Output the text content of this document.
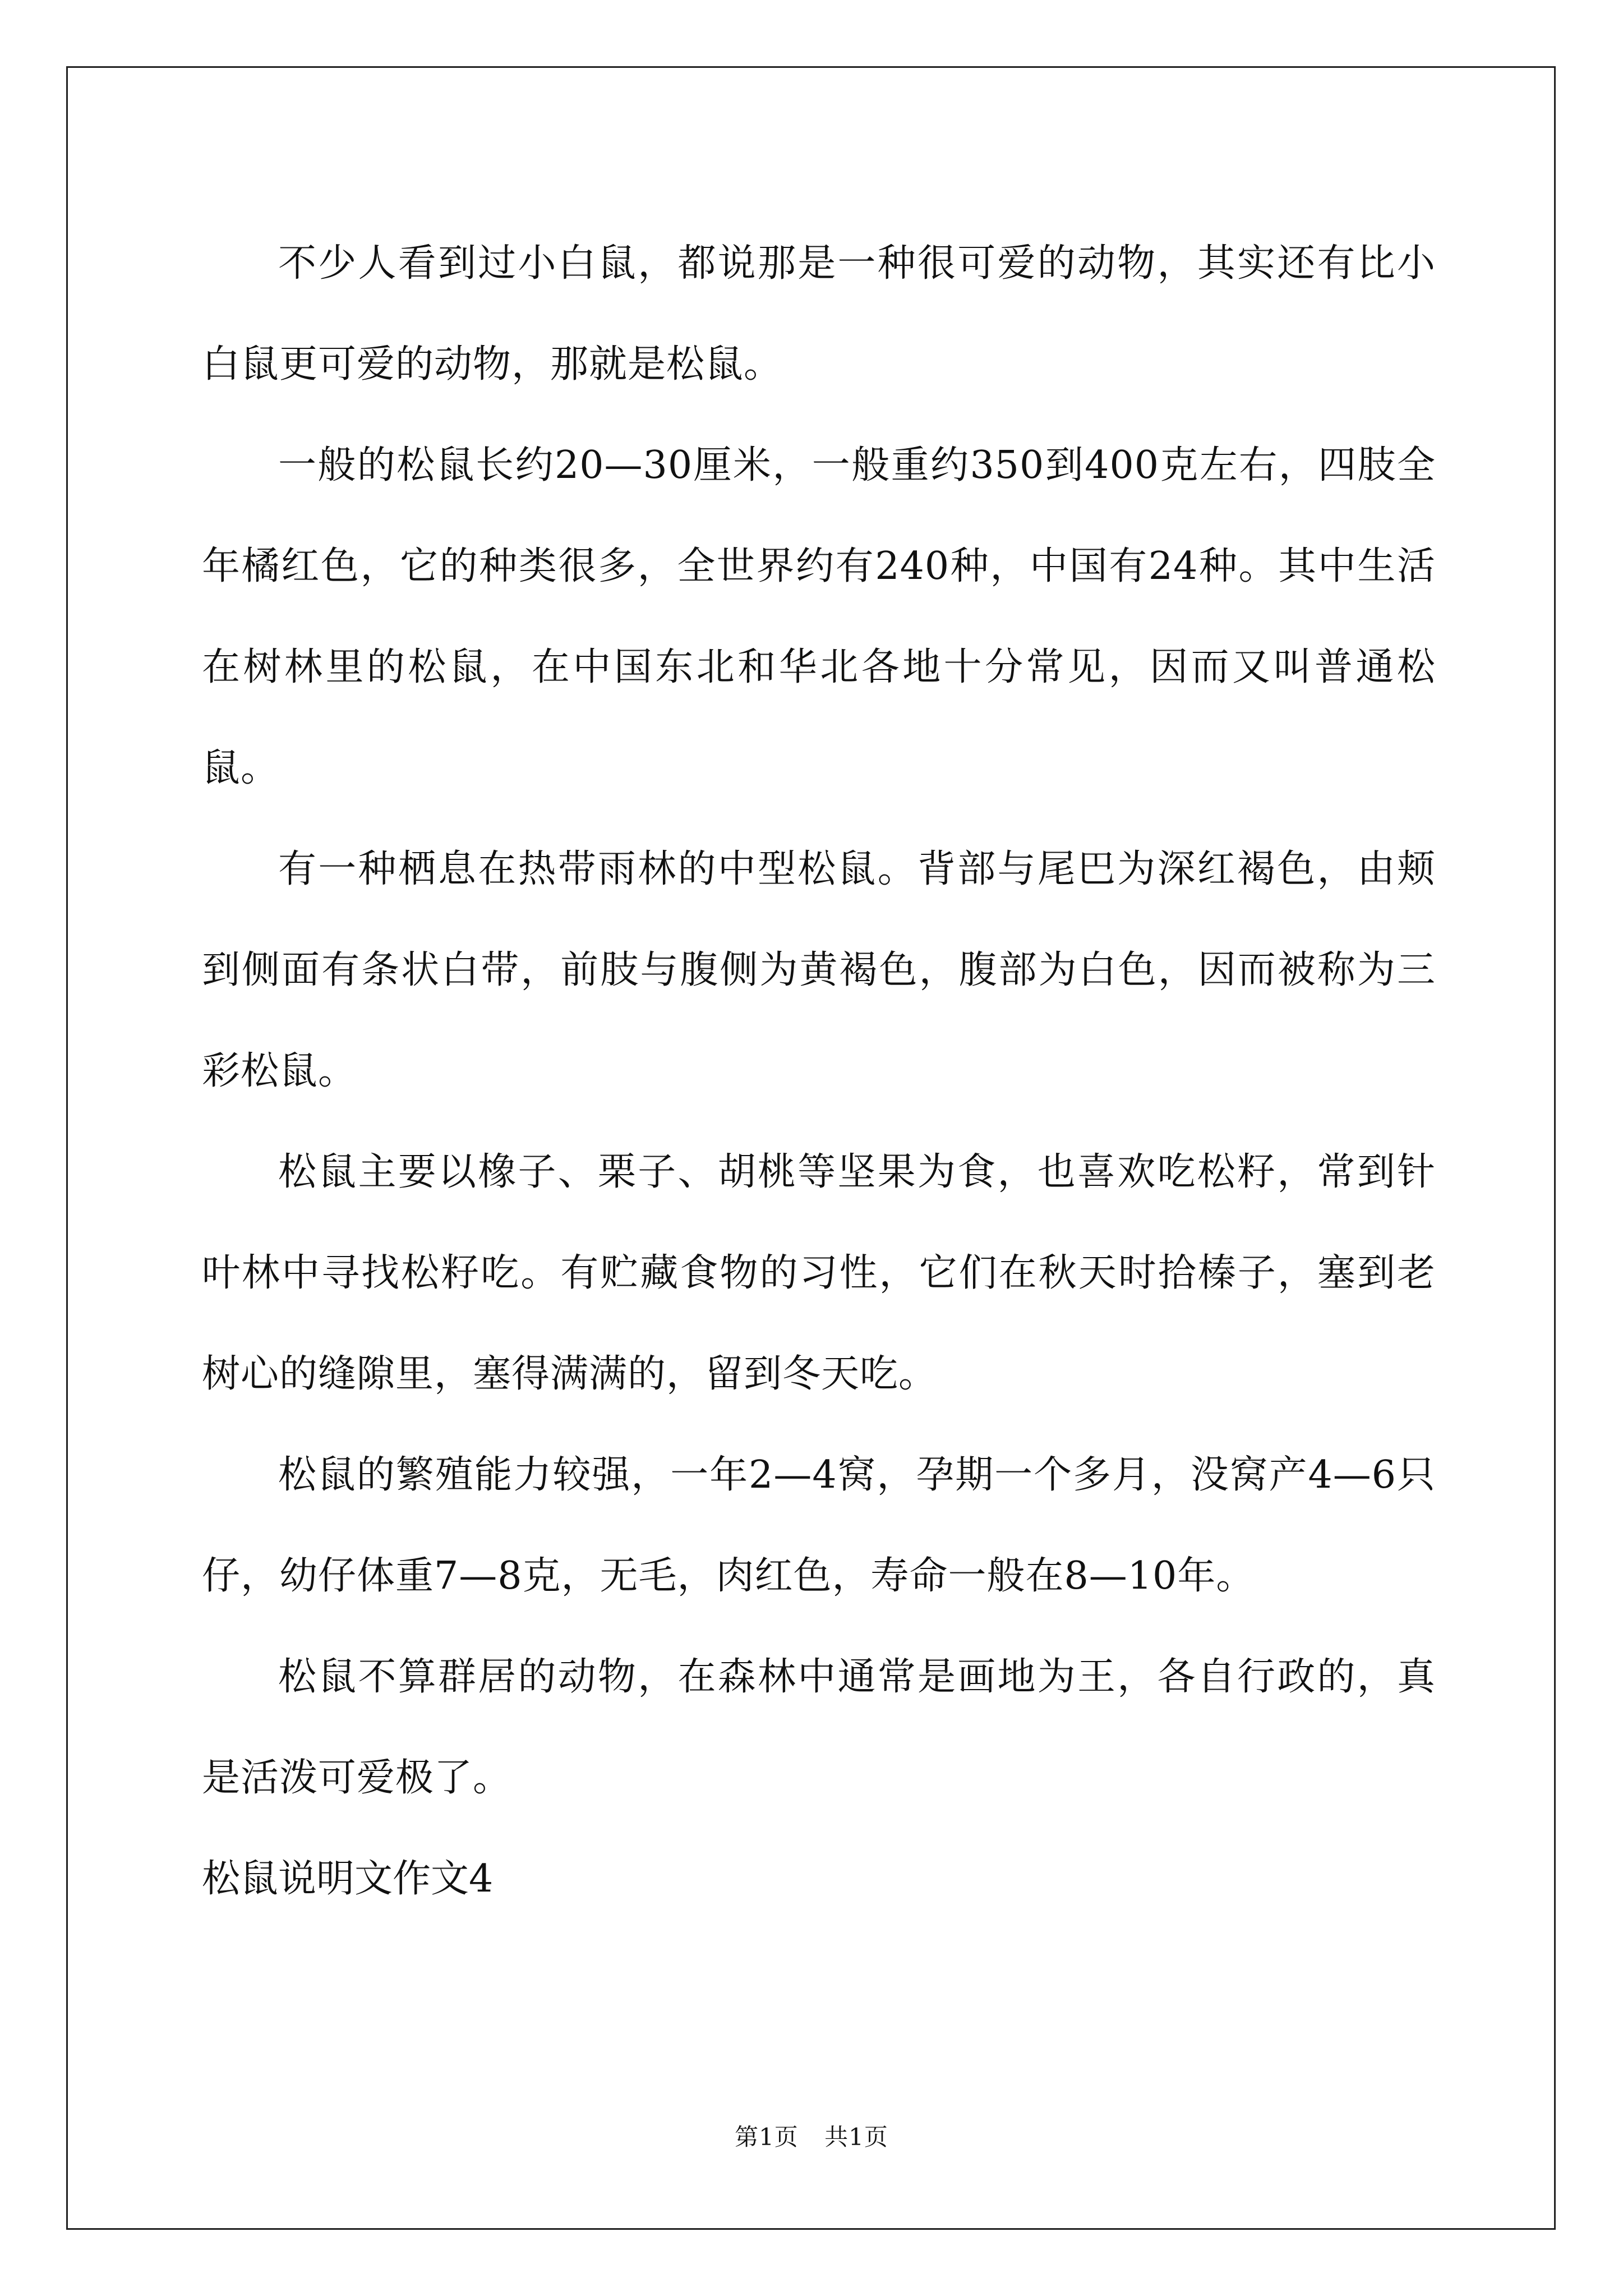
不少人看到过小白鼠，都说那是一种很可爱的动物，其实还有比小白鼠更可爱的动物，那就是松鼠。

一般的松鼠长约20—30厘米，一般重约350到400克左右，四肢全年橘红色，它的种类很多，全世界约有240种，中国有24种。其中生活在树林里的松鼠，在中国东北和华北各地十分常见，因而又叫普通松鼠。

有一种栖息在热带雨林的中型松鼠。背部与尾巴为深红褐色，由颊到侧面有条状白带，前肢与腹侧为黄褐色，腹部为白色，因而被称为三彩松鼠。

松鼠主要以橡子、栗子、胡桃等坚果为食，也喜欢吃松籽，常到针叶林中寻找松籽吃。有贮藏食物的习性，它们在秋天时拾榛子，塞到老树心的缝隙里，塞得满满的，留到冬天吃。

松鼠的繁殖能力较强，一年2—4窝，孕期一个多月，没窝产4—6只仔，幼仔体重7—8克，无毛，肉红色，寿命一般在8—10年。

松鼠不算群居的动物，在森林中通常是画地为王，各自行政的，真是活泼可爱极了。

松鼠说明文作文4

第1页 共1页
